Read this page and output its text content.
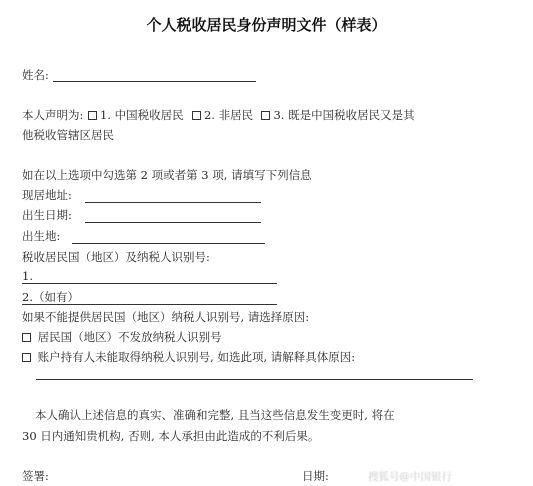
个人税收居民身份声明文件（样表）
姓名:
本人声明为: 1. 中国税收居民 2. 非居民 3. 既是中国税收居民又是其
他税收管辖区居民
如在以上选项中勾选第 2 项或者第 3 项, 请填写下列信息
现居地址:
出生日期:
出生地:
税收居民国（地区）及纳税人识别号:
1.
2.（如有）
如果不能提供居民国（地区）纳税人识别号, 请选择原因:
居民国（地区）不发放纳税人识别号
账户持有人未能取得纳税人识别号, 如选此项, 请解释具体原因:
本人确认上述信息的真实、准确和完整, 且当这些信息发生变更时, 将在
30 日内通知贵机构, 否则, 本人承担由此造成的不利后果。
签署:	日期:	搜狐号@中国银行
